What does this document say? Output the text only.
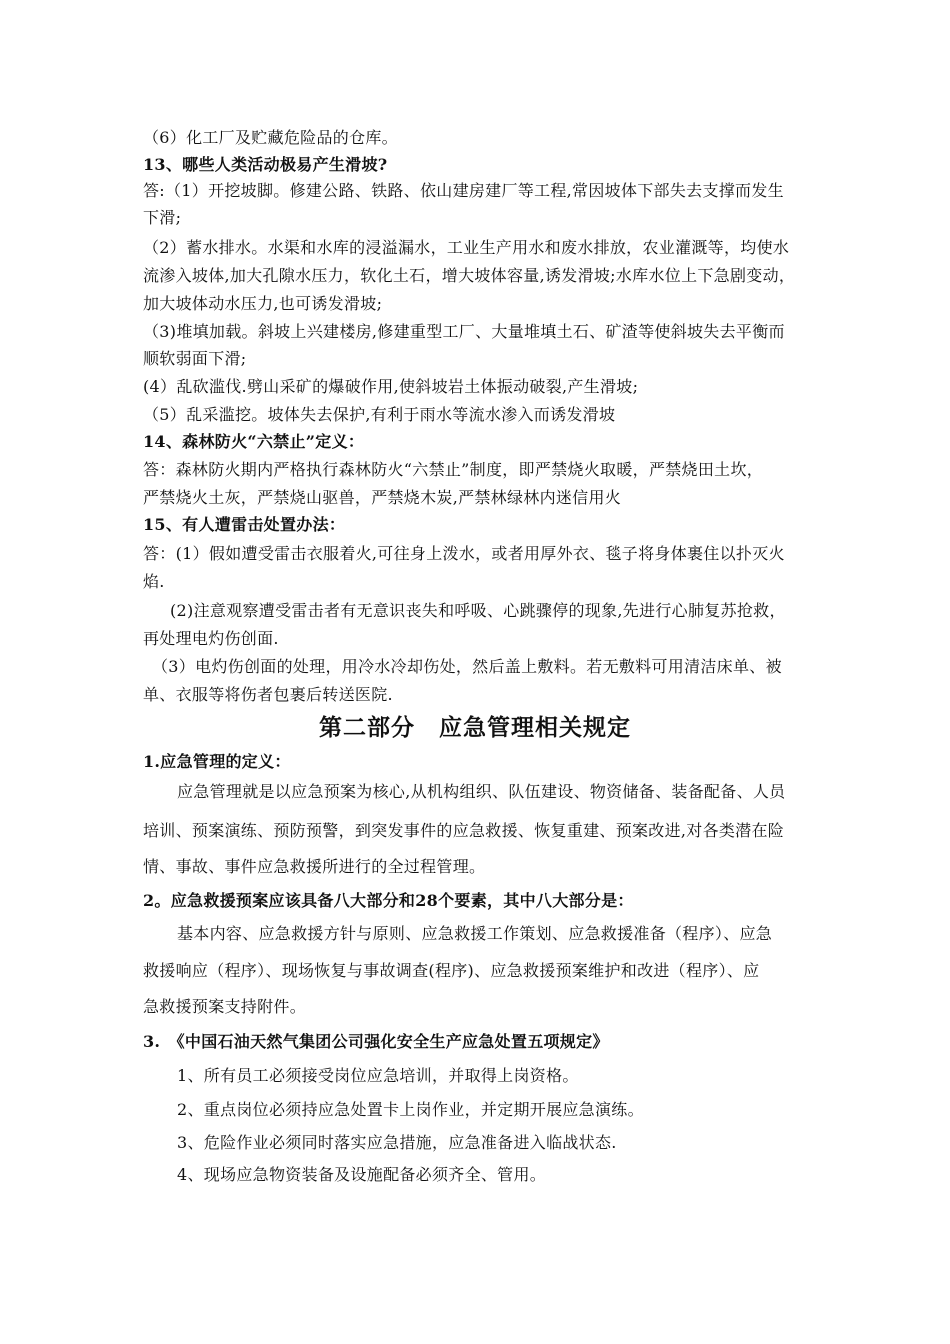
（6）化工厂及贮藏危险品的仓库。
13、哪些人类活动极易产生滑坡?
答:（1）开挖坡脚。修建公路、铁路、依山建房建厂等工程,常因坡体下部失去支撑而发生
下滑;
（2）蓄水排水。水渠和水库的浸溢漏水，工业生产用水和废水排放，农业灌溉等，均使水
流渗入坡体,加大孔隙水压力，软化土石，增大坡体容量,诱发滑坡;水库水位上下急剧变动，
加大坡体动水压力,也可诱发滑坡;
（3)堆填加载。斜坡上兴建楼房,修建重型工厂、大量堆填土石、矿渣等使斜坡失去平衡而
顺软弱面下滑;
(4）乱砍滥伐.劈山采矿的爆破作用,使斜坡岩土体振动破裂,产生滑坡;
（5）乱采滥挖。坡体失去保护,有利于雨水等流水渗入而诱发滑坡
14、森林防火“六禁止”定义：
答：森林防火期内严格执行森林防火“六禁止”制度，即严禁烧火取暖，严禁烧田土坎，
严禁烧火土灰，严禁烧山驱兽，严禁烧木炭,严禁林绿林内迷信用火
15、有人遭雷击处置办法：
答：(1）假如遭受雷击衣服着火,可往身上泼水，或者用厚外衣、毯子将身体裹住以扑灭火
焰.
(2)注意观察遭受雷击者有无意识丧失和呼吸、心跳骤停的现象,先进行心肺复苏抢救，
再处理电灼伤创面.
（3）电灼伤创面的处理，用冷水冷却伤处，然后盖上敷料。若无敷料可用清洁床单、被
单、衣服等将伤者包裹后转送医院.
第二部分　应急管理相关规定
1.应急管理的定义：
应急管理就是以应急预案为核心,从机构组织、队伍建设、物资储备、装备配备、人员
培训、预案演练、预防预警，到突发事件的应急救援、恢复重建、预案改进,对各类潜在险
情、事故、事件应急救援所进行的全过程管理。
2。应急救援预案应该具备八大部分和28个要素，其中八大部分是：
基本内容、应急救援方针与原则、应急救援工作策划、应急救援准备（程序）、应急
救援响应（程序）、现场恢复与事故调查(程序)、应急救援预案维护和改进（程序）、应
急救援预案支持附件。
3.　《中国石油天然气集团公司强化安全生产应急处置五项规定》
1、所有员工必须接受岗位应急培训，并取得上岗资格。
2、重点岗位必须持应急处置卡上岗作业，并定期开展应急演练。
3、危险作业必须同时落实应急措施，应急准备进入临战状态.
4、现场应急物资装备及设施配备必须齐全、管用。
